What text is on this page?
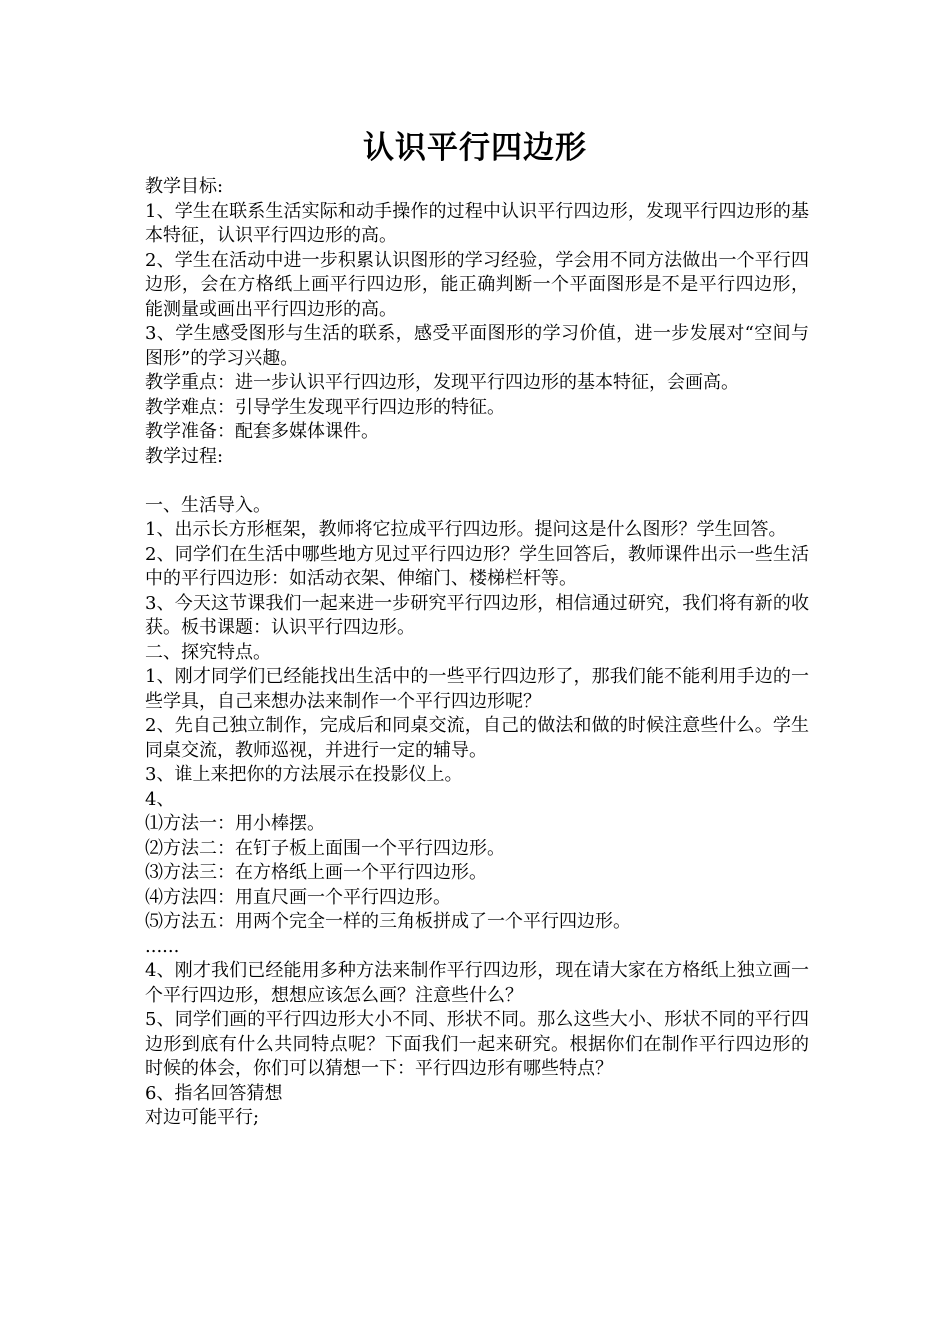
认识平行四边形

教学目标:

1、学生在联系生活实际和动手操作的过程中认识平行四边形，发现平行四边形的基本特征，认识平行四边形的高。

2、学生在活动中进一步积累认识图形的学习经验，学会用不同方法做出一个平行四边形，会在方格纸上画平行四边形，能正确判断一个平面图形是不是平行四边形，能测量或画出平行四边形的高。

3、学生感受图形与生活的联系，感受平面图形的学习价值，进一步发展对“空间与图形”的学习兴趣。

教学重点：进一步认识平行四边形，发现平行四边形的基本特征，会画高。

教学难点：引导学生发现平行四边形的特征。

教学准备：配套多媒体课件。

教学过程:

一、生活导入。

1、出示长方形框架，教师将它拉成平行四边形。提问这是什么图形？学生回答。

2、同学们在生活中哪些地方见过平行四边形？学生回答后，教师课件出示一些生活中的平行四边形：如活动衣架、伸缩门、楼梯栏杆等。

3、今天这节课我们一起来进一步研究平行四边形，相信通过研究，我们将有新的收获。板书课题：认识平行四边形。

二、探究特点。

1、刚才同学们已经能找出生活中的一些平行四边形了，那我们能不能利用手边的一些学具，自己来想办法来制作一个平行四边形呢？

2、先自己独立制作，完成后和同桌交流，自己的做法和做的时候注意些什么。学生同桌交流，教师巡视，并进行一定的辅导。

3、谁上来把你的方法展示在投影仪上。

4、

⑴方法一：用小棒摆。

⑵方法二：在钉子板上面围一个平行四边形。

⑶方法三：在方格纸上画一个平行四边形。

⑷方法四：用直尺画一个平行四边形。

⑸方法五：用两个完全一样的三角板拼成了一个平行四边形。

......

4、刚才我们已经能用多种方法来制作平行四边形，现在请大家在方格纸上独立画一个平行四边形，想想应该怎么画？注意些什么？

5、同学们画的平行四边形大小不同、形状不同。那么这些大小、形状不同的平行四边形到底有什么共同特点呢？下面我们一起来研究。根据你们在制作平行四边形的时候的体会，你们可以猜想一下：平行四边形有哪些特点？

6、指名回答猜想

对边可能平行;
